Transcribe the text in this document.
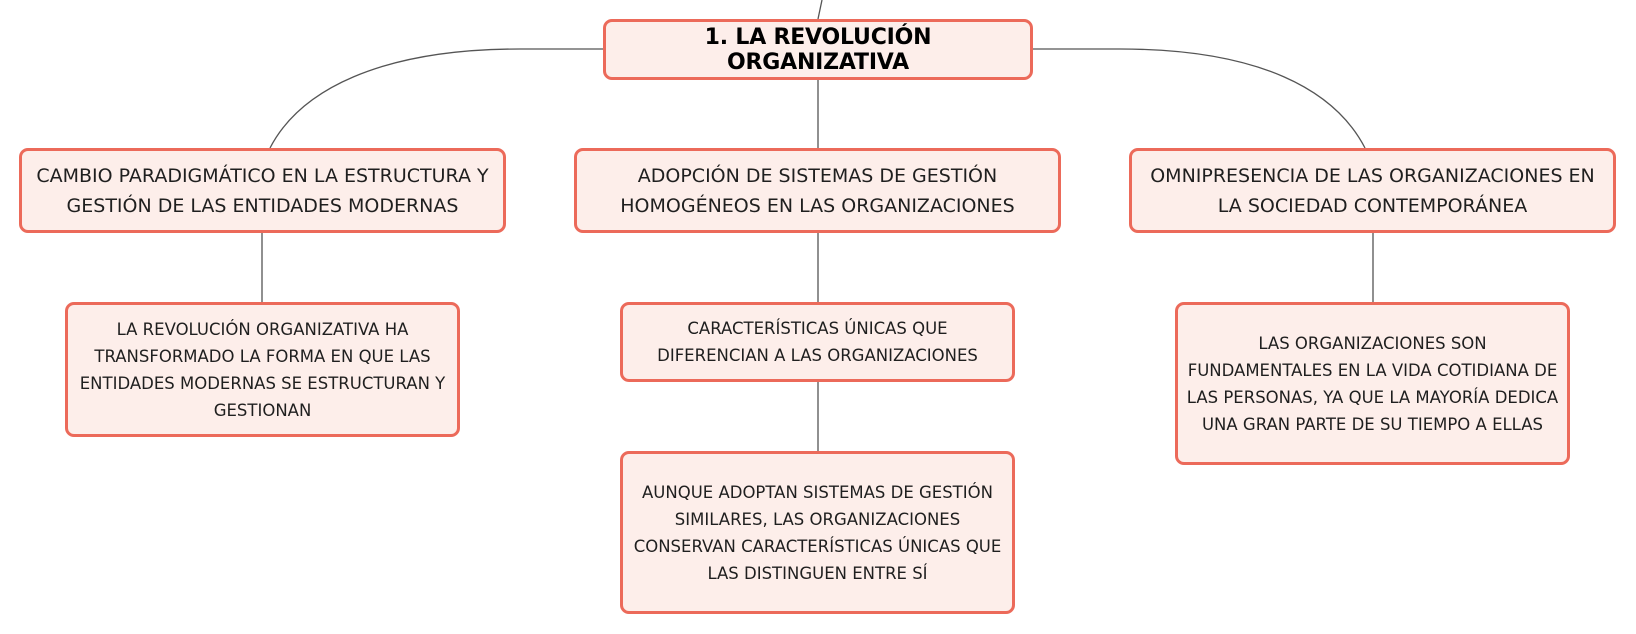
1. LA REVOLUCIÓN ORGANIZATIVA
CAMBIO PARADIGMÁTICO EN LA ESTRUCTURA Y GESTIÓN DE LAS ENTIDADES MODERNAS
ADOPCIÓN DE SISTEMAS DE GESTIÓN HOMOGÉNEOS EN LAS ORGANIZACIONES
OMNIPRESENCIA DE LAS ORGANIZACIONES EN LA SOCIEDAD CONTEMPORÁNEA
LA REVOLUCIÓN ORGANIZATIVA HA TRANSFORMADO LA FORMA EN QUE LAS ENTIDADES MODERNAS SE ESTRUCTURAN Y GESTIONAN
CARACTERÍSTICAS ÚNICAS QUE DIFERENCIAN A LAS ORGANIZACIONES
AUNQUE ADOPTAN SISTEMAS DE GESTIÓN SIMILARES, LAS ORGANIZACIONES CONSERVAN CARACTERÍSTICAS ÚNICAS QUE LAS DISTINGUEN ENTRE SÍ
LAS ORGANIZACIONES SON FUNDAMENTALES EN LA VIDA COTIDIANA DE LAS PERSONAS, YA QUE LA MAYORÍA DEDICA UNA GRAN PARTE DE SU TIEMPO A ELLAS
